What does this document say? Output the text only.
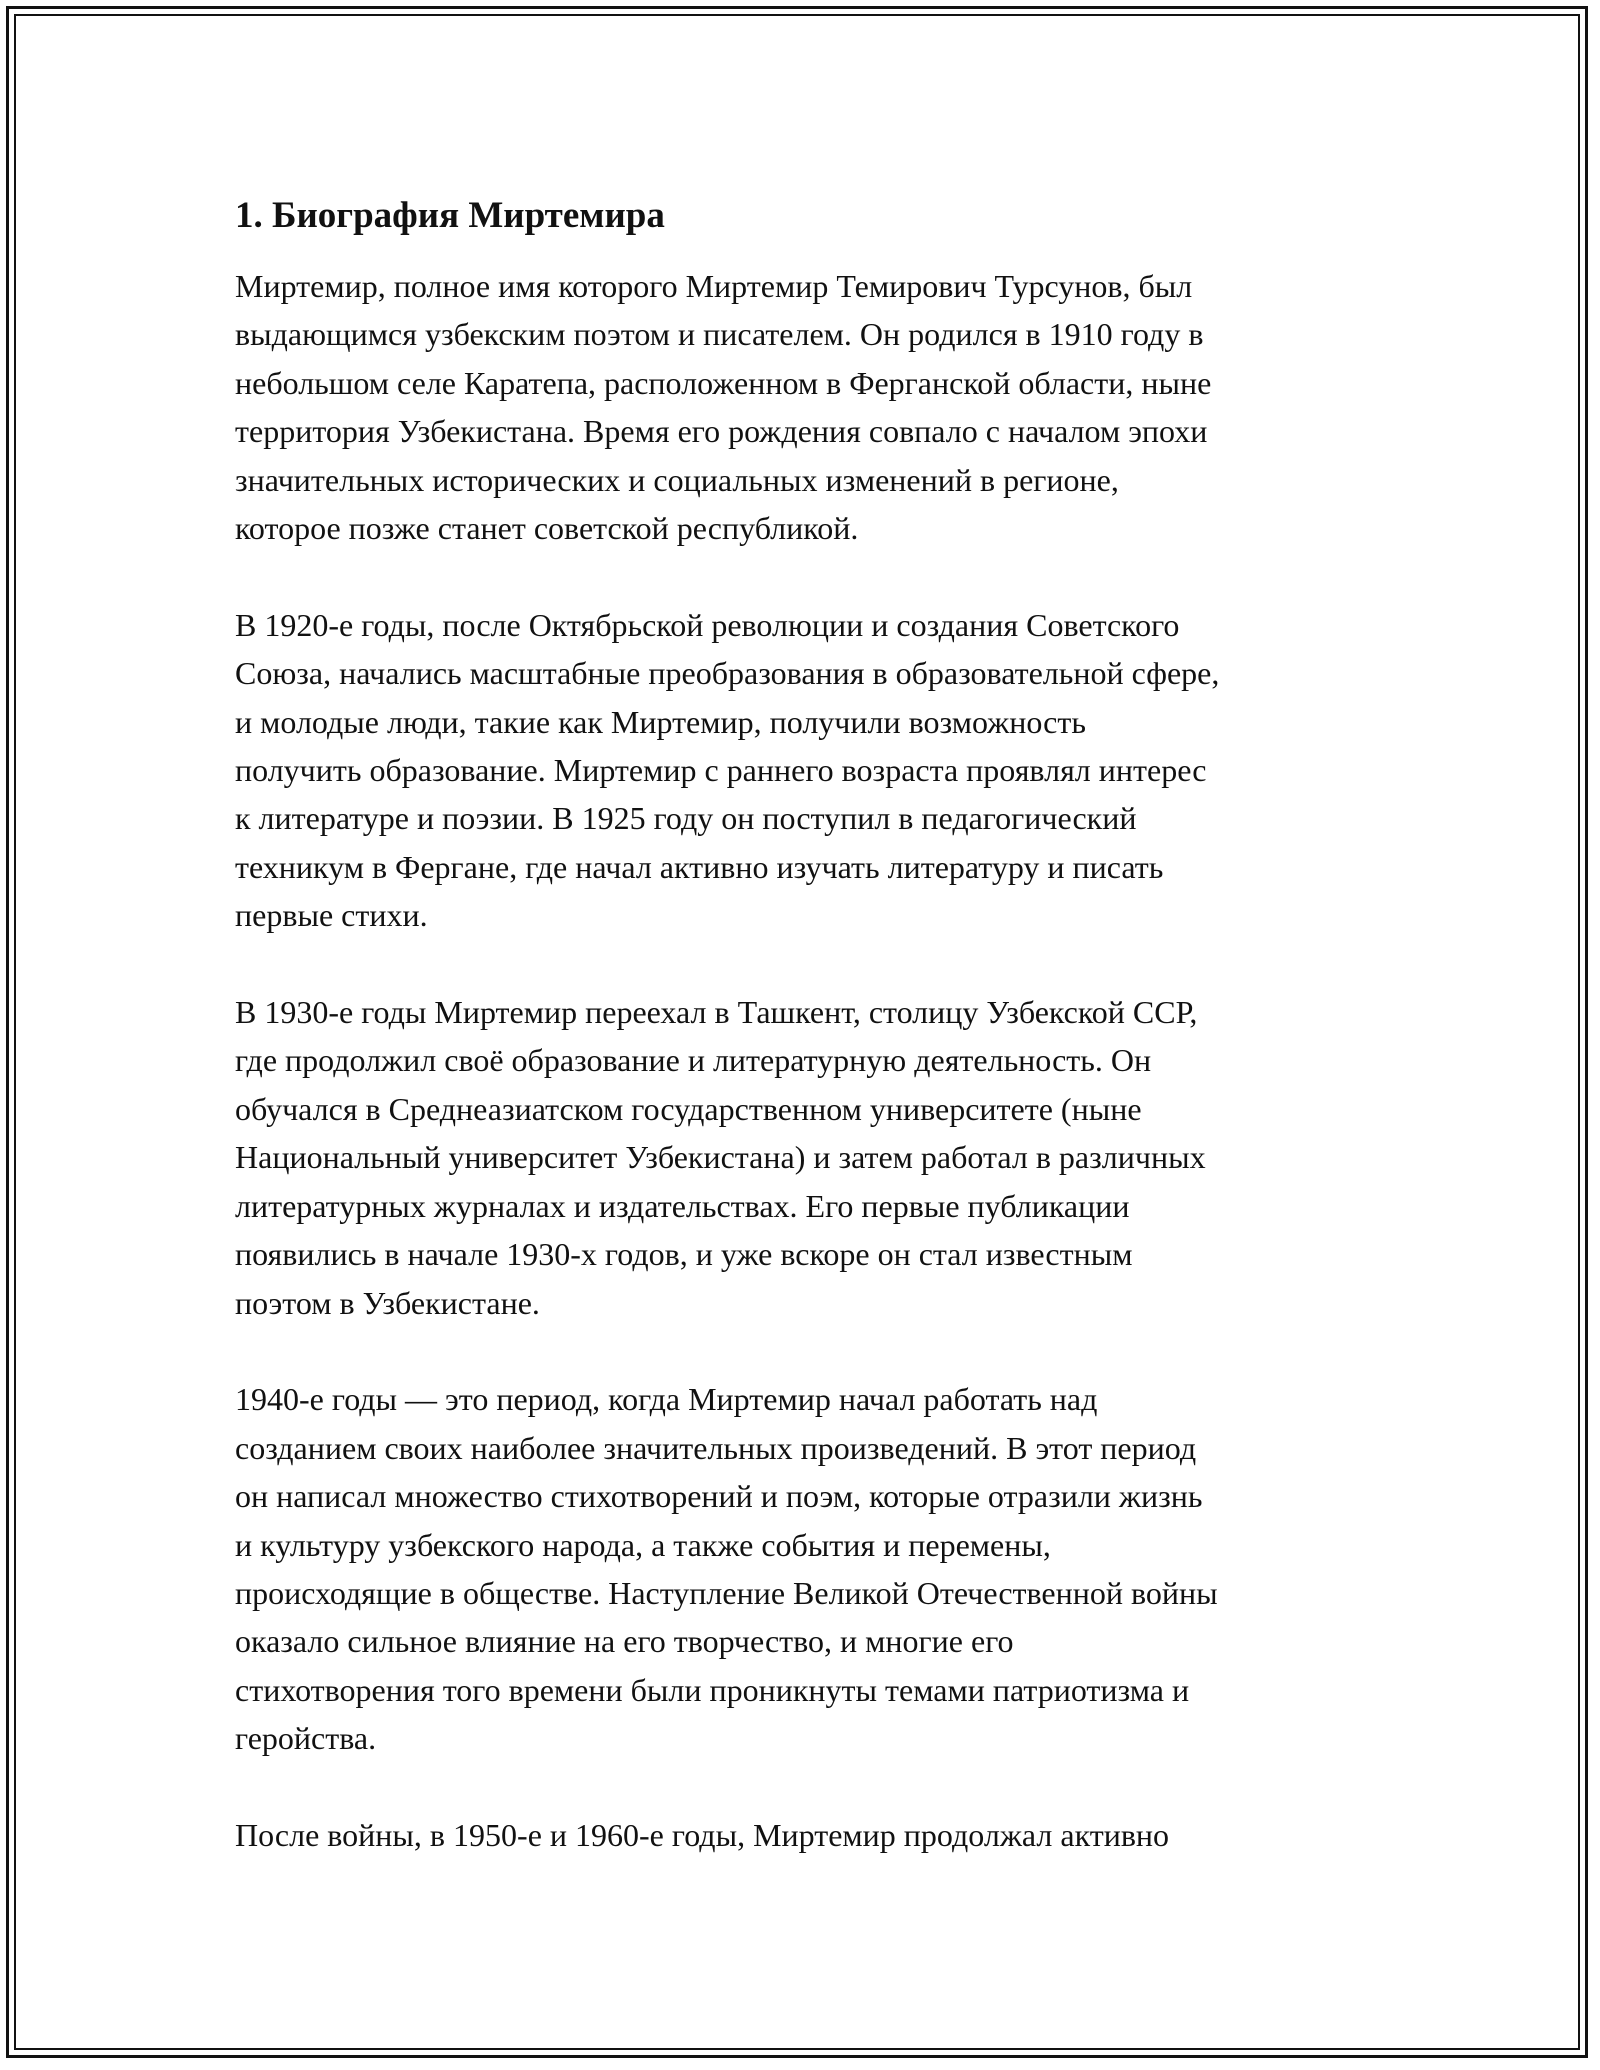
1. Биография Миртемира

Миртемир, полное имя которого Миртемир Темирович Турсунов, был
выдающимся узбекским поэтом и писателем. Он родился в 1910 году в
небольшом селе Каратепа, расположенном в Ферганской области, ныне
территория Узбекистана. Время его рождения совпало с началом эпохи
значительных исторических и социальных изменений в регионе,
которое позже станет советской республикой.

В 1920-е годы, после Октябрьской революции и создания Советского
Союза, начались масштабные преобразования в образовательной сфере,
и молодые люди, такие как Миртемир, получили возможность
получить образование. Миртемир с раннего возраста проявлял интерес
к литературе и поэзии. В 1925 году он поступил в педагогический
техникум в Фергане, где начал активно изучать литературу и писать
первые стихи.

В 1930-е годы Миртемир переехал в Ташкент, столицу Узбекской ССР,
где продолжил своё образование и литературную деятельность. Он
обучался в Среднеазиатском государственном университете (ныне
Национальный университет Узбекистана) и затем работал в различных
литературных журналах и издательствах. Его первые публикации
появились в начале 1930-х годов, и уже вскоре он стал известным
поэтом в Узбекистане.

1940-е годы — это период, когда Миртемир начал работать над
созданием своих наиболее значительных произведений. В этот период
он написал множество стихотворений и поэм, которые отразили жизнь
и культуру узбекского народа, а также события и перемены,
происходящие в обществе. Наступление Великой Отечественной войны
оказало сильное влияние на его творчество, и многие его
стихотворения того времени были проникнуты темами патриотизма и
геройства.

После войны, в 1950-е и 1960-е годы, Миртемир продолжал активно
